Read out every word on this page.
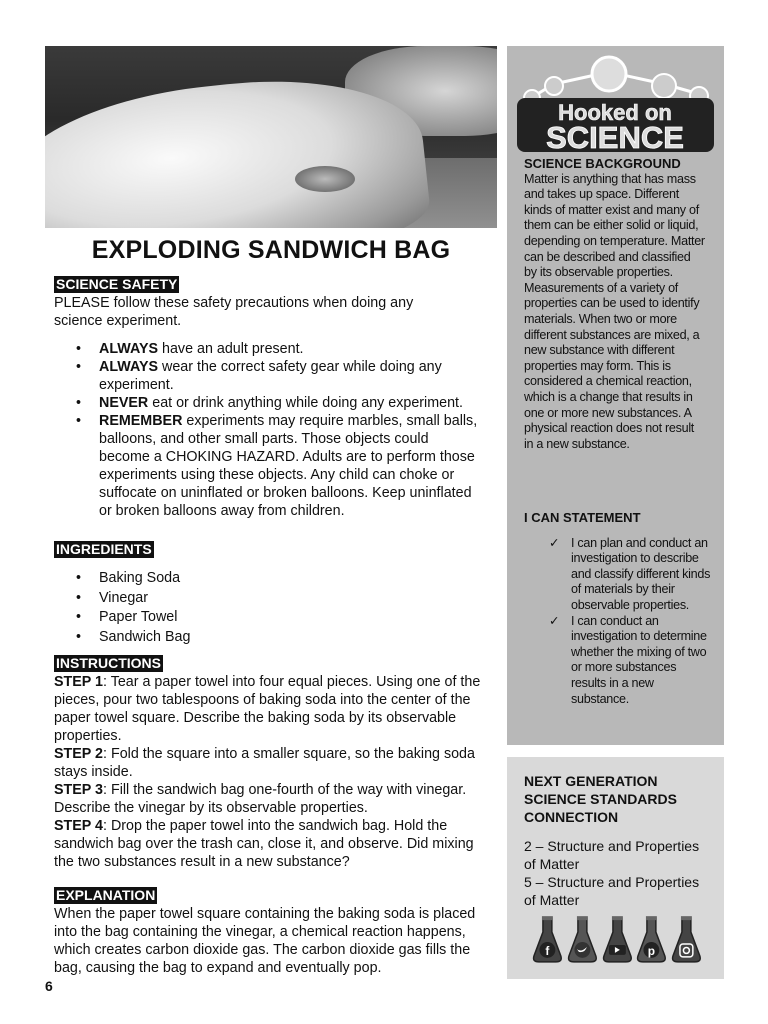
EXPLODING SANDWICH BAG
SCIENCE SAFETY

PLEASE follow these safety precautions when doing any science experiment.

• ALWAYS have an adult present.
• ALWAYS wear the correct safety gear while doing any experiment.
• NEVER eat or drink anything while doing any experiment.
• REMEMBER experiments may require marbles, small balls, balloons, and other small parts. Those objects could become a CHOKING HAZARD. Adults are to perform those experiments using these objects. Any child can choke or suffocate on uninflated or broken balloons. Keep uninflated or broken balloons away from children.
INGREDIENTS
• Baking Soda
• Vinegar
• Paper Towel
• Sandwich Bag
INSTRUCTIONS

STEP 1: Tear a paper towel into four equal pieces. Using one of the pieces, pour two tablespoons of baking soda into the center of the paper towel square. Describe the baking soda by its observable properties.

STEP 2: Fold the square into a smaller square, so the baking soda stays inside.

STEP 3: Fill the sandwich bag one-fourth of the way with vinegar. Describe the vinegar by its observable properties.

STEP 4: Drop the paper towel into the sandwich bag. Hold the sandwich bag over the trash can, close it, and observe. Did mixing the two substances result in a new substance?

EXPLANATION

When the paper towel square containing the baking soda is placed into the bag containing the vinegar, a chemical reaction happens, which creates carbon dioxide gas. The carbon dioxide gas fills the bag, causing the bag to expand and eventually pop.

Hooked on
SCIENCE
SCIENCE BACKGROUND
Matter is anything that has mass and takes up space. Different kinds of matter exist and many of them can be either solid or liquid, depending on temperature. Matter can be described and classified by its observable properties. Measurements of a variety of properties can be used to identify materials. When two or more different substances are mixed, a new substance with different properties may form. This is considered a chemical reaction, which is a change that results in one or more new substances. A physical reaction does not result in a new substance.
I CAN STATEMENT
✓ I can plan and conduct an investigation to describe and classify different kinds of materials by their observable properties.
✓ I can conduct an investigation to determine whether the mixing of two or more substances results in a new substance.
NEXT GENERATION SCIENCE STANDARDS CONNECTION
2 – Structure and Properties of Matter
5 – Structure and Properties of Matter
f	p
6
